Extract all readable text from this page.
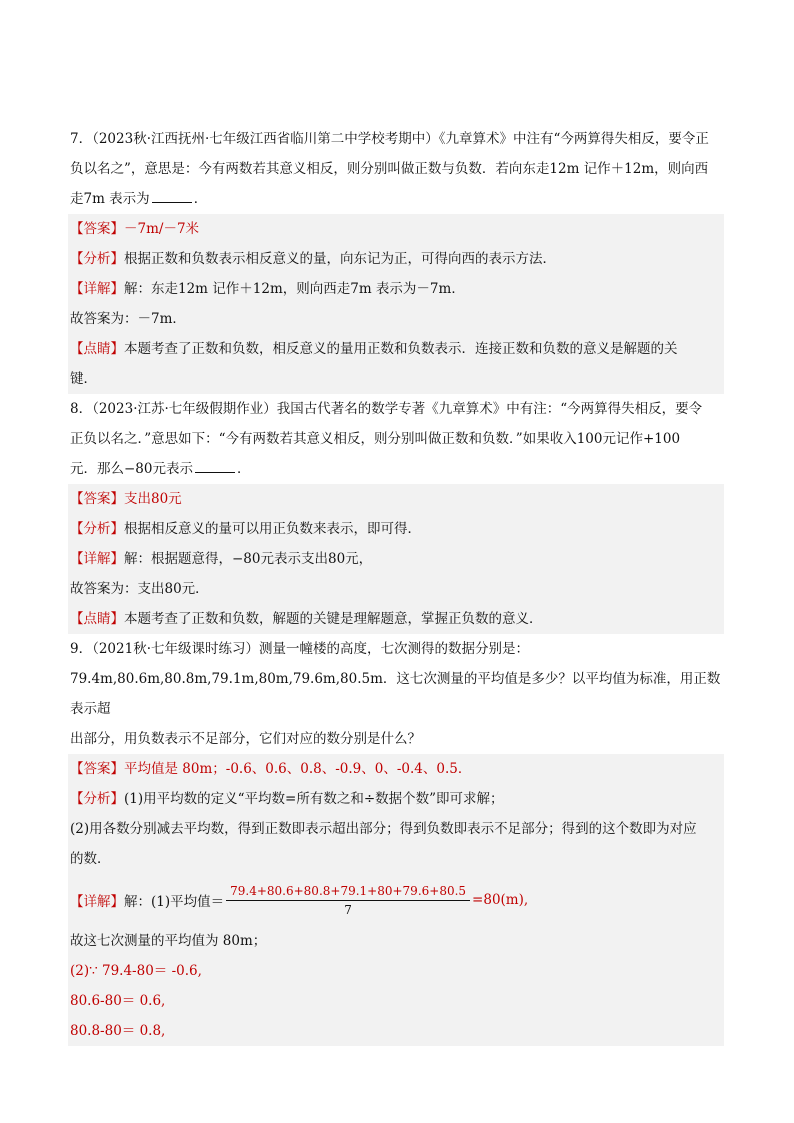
7．（2023秋·江西抚州·七年级江西省临川第二中学校考期中）《九章算术》中注有“今两算得失相反，要令正
负以名之”，意思是：今有两数若其意义相反，则分别叫做正数与负数．若向东走12m 记作＋12m，则向西
走7m 表示为	．
【答案】－7m/－7米
【分析】根据正数和负数表示相反意义的量，向东记为正，可得向西的表示方法．
【详解】解：东走12m 记作＋12m，则向西走7m 表示为－7m．
故答案为：－7m．
【点睛】本题考查了正数和负数，相反意义的量用正数和负数表示．连接正数和负数的意义是解题的关
键．
8．（2023·江苏·七年级假期作业）我国古代著名的数学专著《九章算术》中有注：“今两算得失相反，要令
正负以名之．”意思如下：“今有两数若其意义相反，则分别叫做正数和负数．”如果收入100元记作+100
元．那么−80元表示	．
【答案】支出80元
【分析】根据相反意义的量可以用正负数来表示，即可得．
【详解】解：根据题意得，−80元表示支出80元，
故答案为：支出80元．
【点睛】本题考查了正数和负数，解题的关键是理解题意，掌握正负数的意义．
9．（2021秋·七年级课时练习）测量一幢楼的高度，七次测得的数据分别是：
79.4m,80.6m,80.8m,79.1m,80m,79.6m,80.5m．这七次测量的平均值是多少？以平均值为标准，用正数表示超
出部分，用负数表示不足部分，它们对应的数分别是什么？
【答案】平均值是 80m；-0.6、0.6、0.8、-0.9、0、-0.4、0.5．
【分析】(1)用平均数的定义“平均数=所有数之和÷数据个数”即可求解；
(2)用各数分别减去平均数，得到正数即表示超出部分；得到负数即表示不足部分；得到的这个数即为对应
的数．
【详解】 解：(1)平均值＝ $\frac{79.4+80.6+80.8+79.1+80+79.6+80.5}{7} =80(m)$,
故这七次测量的平均值为 80m；
(2)∵ 79.4-80＝ -0.6,
80.6-80＝ 0.6,
80.8-80＝ 0.8,
